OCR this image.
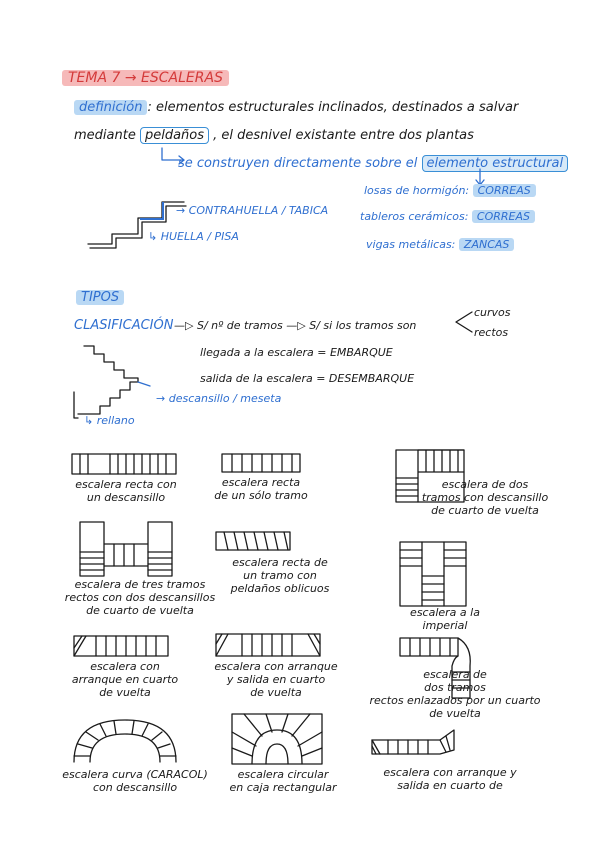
TEMA 7 → ESCALERAS
definición : elementos estructurales inclinados, destinados a salvar
mediante peldaños , el desnivel existante entre dos plantas
se construyen directamente sobre el elemento estructural
→ CONTRAHUELLA / TABICA
↳ HUELLA / PISA
losas de hormigón: CORREAS
tableros cerámicos: CORREAS
vigas metálicas: ZANCAS
TIPOS
CLASIFICACIÓN —▷ S/ nº de tramos —▷ S/ si los tramos son
curvos
rectos
llegada a la escalera = EMBARQUE
salida de la escalera = DESEMBARQUE
→ descansillo / meseta
↳ rellano
escalera recta con
un descansillo
escalera recta
de un sólo tramo
escalera de dos
tramos con descansillo
de cuarto de vuelta
escalera de tres tramos
rectos con dos descansillos
de cuarto de vuelta
escalera recta de
un tramo con
peldaños oblicuos
escalera a la
imperial
escalera con
arranque en cuarto
de vuelta
escalera con arranque
y salida en cuarto
de vuelta
escalera de
dos tramos
rectos enlazados por un cuarto
de vuelta
escalera curva (CARACOL)
con descansillo
escalera circular
en caja rectangular
escalera con arranque y
salida en cuarto de
